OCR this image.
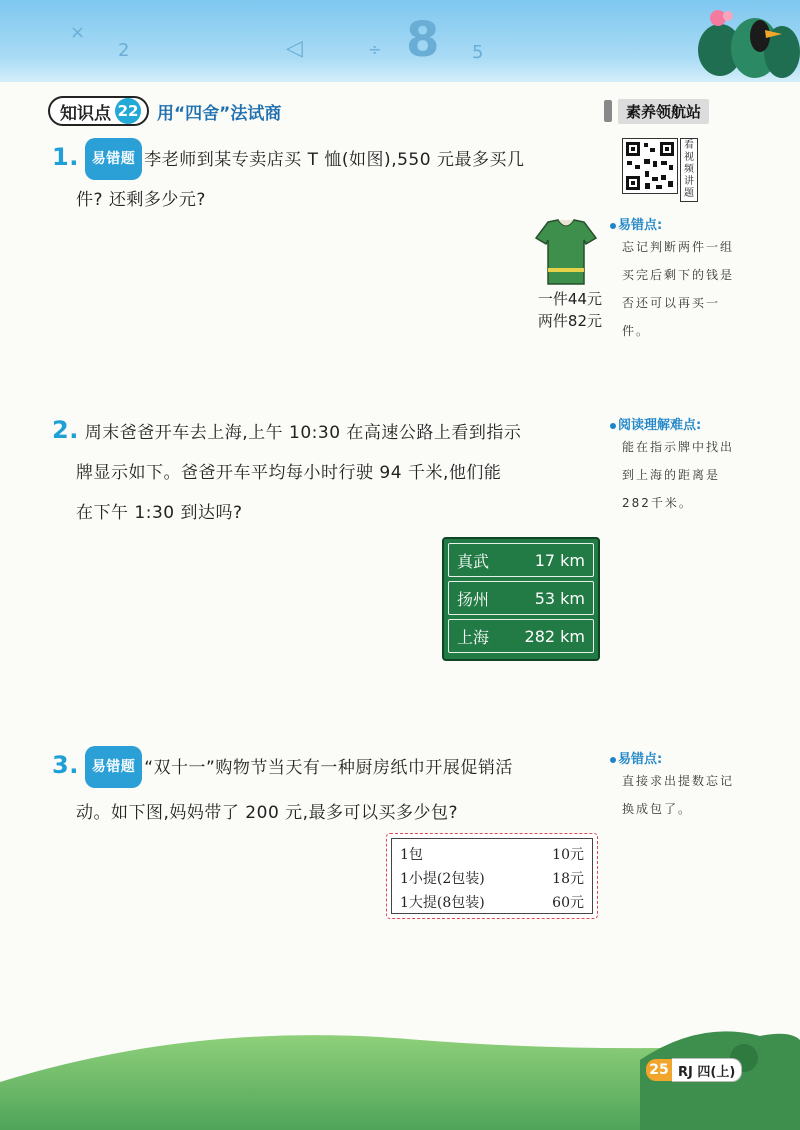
×
2	◁	÷ 8 5
知识点 22 用“四舍”法试商	素养领航站
看视频讲题
易错点:
忘记判断两件一组买完后剩下的钱是否还可以再买一件。
阅读理解难点:
能在指示牌中找出到上海的距离是282千米。
易错点:
直接求出提数忘记换成包了。
1. 易错题 李老师到某专卖店买 T 恤(如图),550 元最多买几
件? 还剩多少元?
一件44元
两件82元
2. 周末爸爸开车去上海,上午 10:30 在高速公路上看到指示
牌显示如下。爸爸开车平均每小时行驶 94 千米,他们能
在下午 1:30 到达吗?
真武	17 km
扬州	53 km
上海 282 km
3. 易错题 “双十一”购物节当天有一种厨房纸巾开展促销活
动。如下图,妈妈带了 200 元,最多可以买多少包?
1包	10元
1小提(2包装)	18元
1大提(8包装)	60元
25 RJ 四(上)
